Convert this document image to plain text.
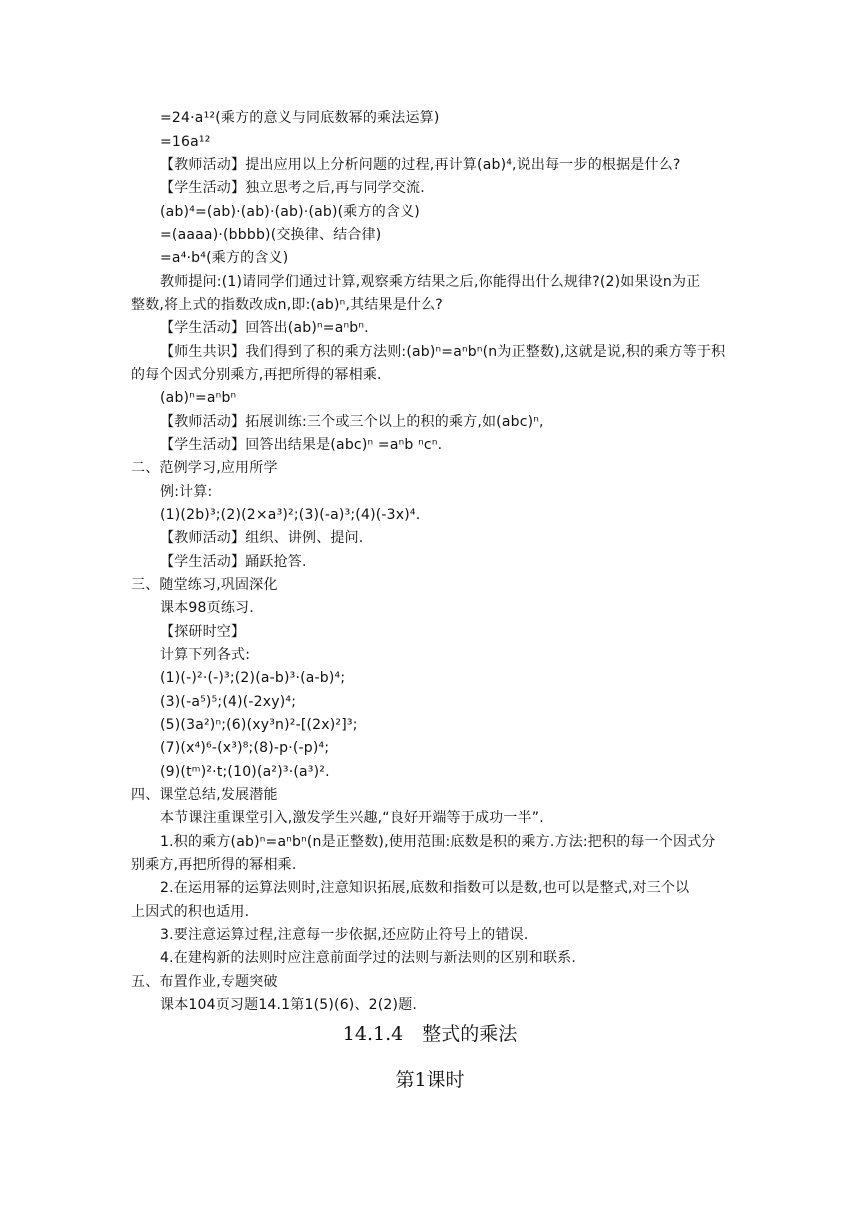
=24·a¹²(乘方的意义与同底数幂的乘法运算)
=16a¹²
【教师活动】提出应用以上分析问题的过程,再计算(ab)⁴,说出每一步的根据是什么?
【学生活动】独立思考之后,再与同学交流.
(ab)⁴=(ab)·(ab)·(ab)·(ab)(乘方的含义)
=(aaaa)·(bbbb)(交换律、结合律)
=a⁴·b⁴(乘方的含义)
教师提问:(1)请同学们通过计算,观察乘方结果之后,你能得出什么规律?(2)如果设n为正
整数,将上式的指数改成n,即:(ab)ⁿ,其结果是什么?
【学生活动】回答出(ab)ⁿ=aⁿbⁿ.
【师生共识】我们得到了积的乘方法则:(ab)ⁿ=aⁿbⁿ(n为正整数),这就是说,积的乘方等于积
的每个因式分别乘方,再把所得的幂相乘.
(ab)ⁿ=aⁿbⁿ
【教师活动】拓展训练:三个或三个以上的积的乘方,如(abc)ⁿ,
【学生活动】回答出结果是(abc)ⁿ =aⁿb ⁿcⁿ.
二、范例学习,应用所学
例:计算:
(1)(2b)³;(2)(2×a³)²;(3)(-a)³;(4)(-3x)⁴.
【教师活动】组织、讲例、提问.
【学生活动】踊跃抢答.
三、随堂练习,巩固深化
课本98页练习.
【探研时空】
计算下列各式:
(1)(-)²·(-)³;(2)(a-b)³·(a-b)⁴;
(3)(-a⁵)⁵;(4)(-2xy)⁴;
(5)(3a²)ⁿ;(6)(xy³n)²-[(2x)²]³;
(7)(x⁴)⁶-(x³)⁸;(8)-p·(-p)⁴;
(9)(tᵐ)²·t;(10)(a²)³·(a³)².
四、课堂总结,发展潜能
本节课注重课堂引入,激发学生兴趣,“良好开端等于成功一半”.
1.积的乘方(ab)ⁿ=aⁿbⁿ(n是正整数),使用范围:底数是积的乘方.方法:把积的每一个因式分
别乘方,再把所得的幂相乘.
2.在运用幂的运算法则时,注意知识拓展,底数和指数可以是数,也可以是整式,对三个以
上因式的积也适用.
3.要注意运算过程,注意每一步依据,还应防止符号上的错误.
4.在建构新的法则时应注意前面学过的法则与新法则的区别和联系.
五、布置作业,专题突破
课本104页习题14.1第1(5)(6)、2(2)题.
14.1.4　整式的乘法
第1课时
